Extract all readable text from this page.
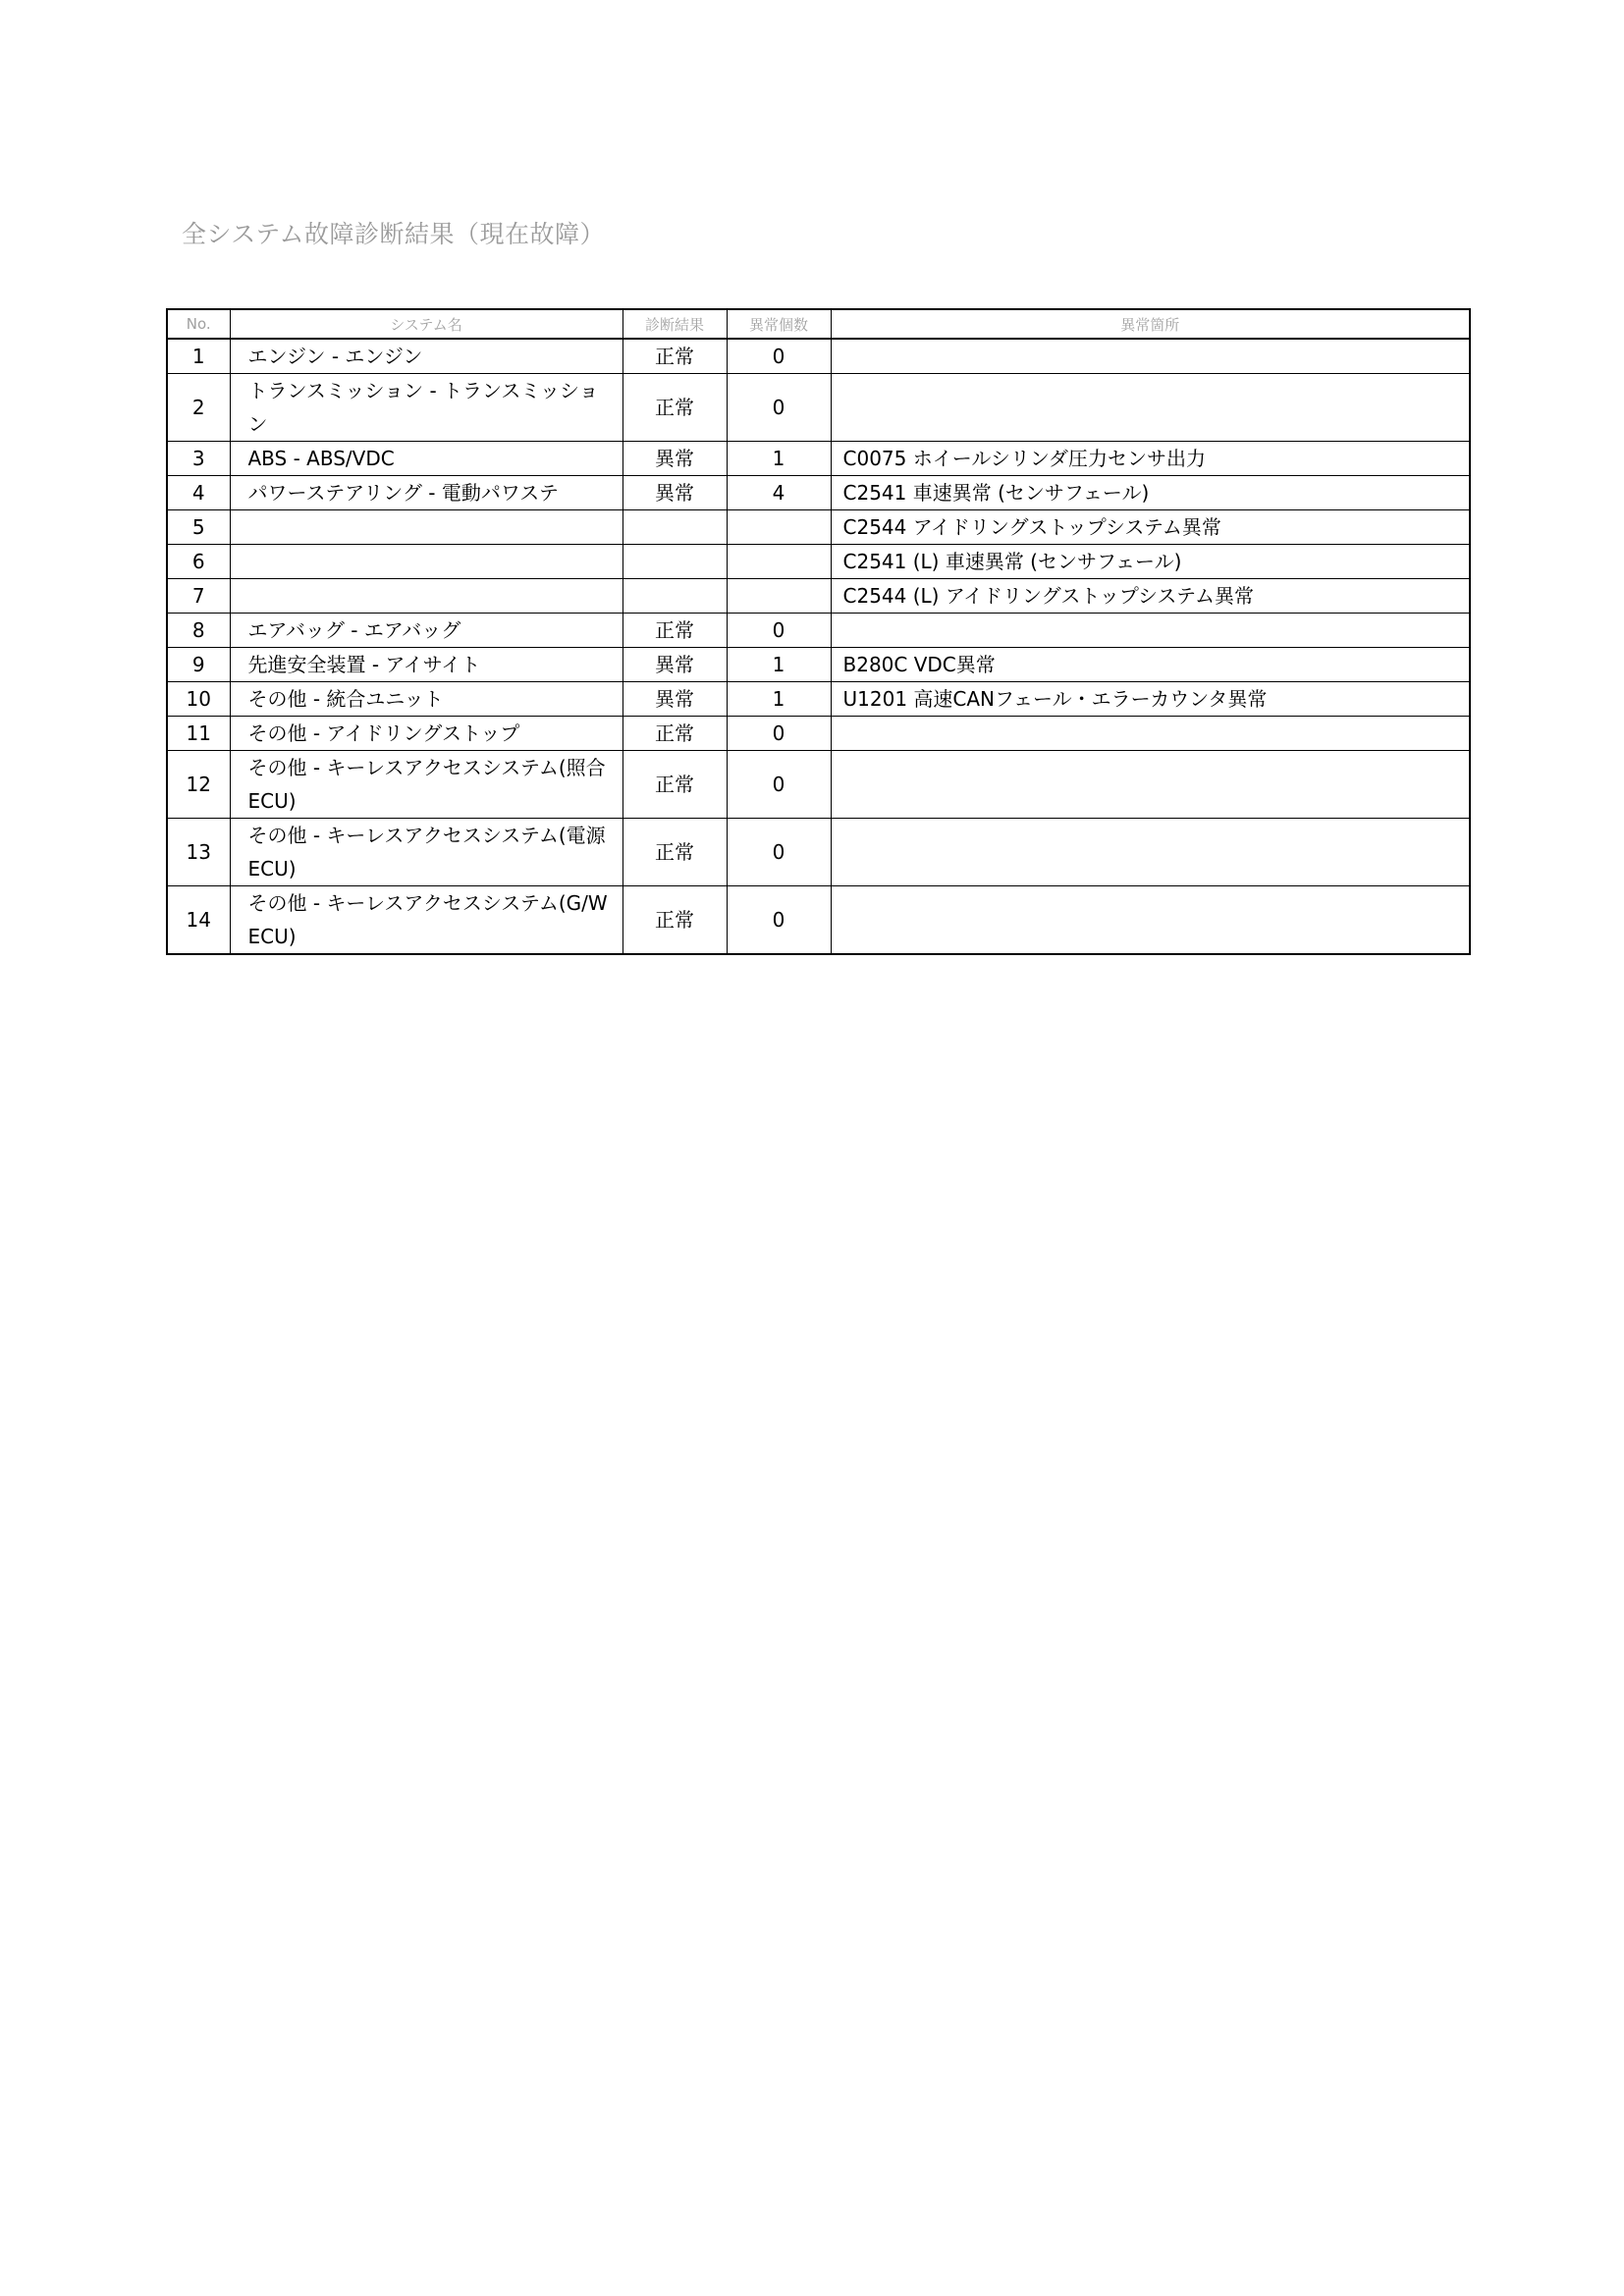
全システム故障診断結果（現在故障）
No.	システム名	診断結果	異常個数	異常箇所
1	エンジン - エンジン	正常	0	
2	トランスミッション - トランスミッション	正常	0	
3	ABS - ABS/VDC	異常	1	C0075 ホイールシリンダ圧力センサ出力
4	パワーステアリング - 電動パワステ	異常	4	C2541 車速異常 (センサフェール)
5				C2544 アイドリングストップシステム異常
6				C2541 (L) 車速異常 (センサフェール)
7				C2544 (L) アイドリングストップシステム異常
8	エアバッグ - エアバッグ	正常	0	
9	先進安全装置 - アイサイト	異常	1	B280C VDC異常
10	その他 - 統合ユニット	異常	1	U1201 高速CANフェール・エラーカウンタ異常
11	その他 - アイドリングストップ	正常	0	
12	その他 - キーレスアクセスシステム(照合 ECU)	正常	0	
13	その他 - キーレスアクセスシステム(電源 ECU)	正常	0	
14	その他 - キーレスアクセスシステム(G/W ECU)	正常	0	
